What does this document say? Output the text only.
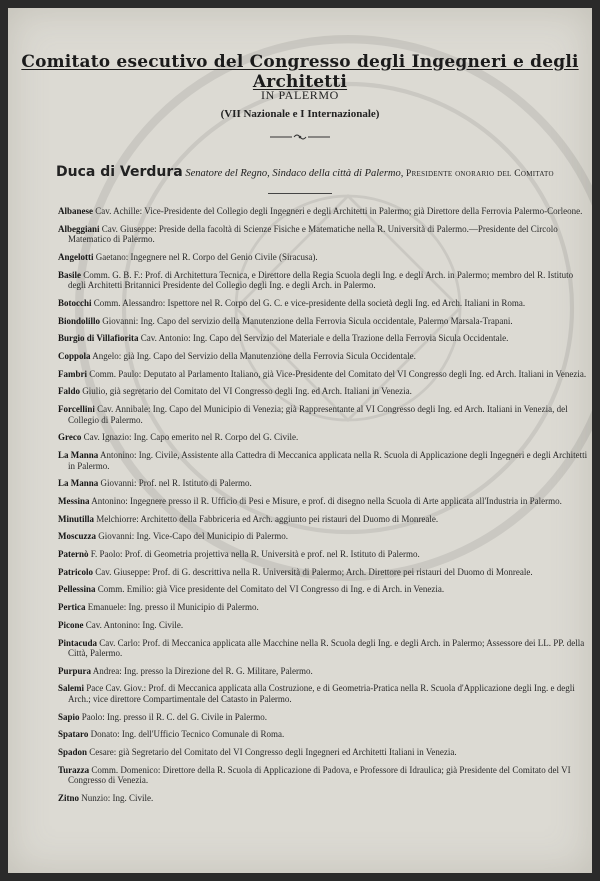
Comitato esecutivo del Congresso degli Ingegneri e degli Architetti
IN PALERMO
(VII Nazionale e I Internazionale)
Duca di Verdura Senatore del Regno, Sindaco della città di Palermo, Presidente onorario del Comitato
Albanese Cav. Achille: Vice-Presidente del Collegio degli Ingegneri e degli Architetti in Palermo; già Direttore della Ferrovia Palermo-Corleone.
Albeggiani Cav. Giuseppe: Preside della facoltà di Scienze Fisiche e Matematiche nella R. Università di Palermo.—Presidente del Circolo Matematico di Palermo.
Angelotti Gaetano: Ingegnere nel R. Corpo del Genio Civile (Siracusa).
Basile Comm. G. B. F.: Prof. di Architettura Tecnica, e Direttore della Regia Scuola degli Ing. e degli Arch. in Palermo; membro del R. Istituto degli Architetti Britannici Presidente del Collegio degli Ing. e degli Arch. in Palermo.
Botocchi Comm. Alessandro: Ispettore nel R. Corpo del G. C. e vice-presidente della società degli Ing. ed Arch. Italiani in Roma.
Biondolillo Giovanni: Ing. Capo del servizio della Manutenzione della Ferrovia Sicula occidentale, Palermo Marsala-Trapani.
Burgio di Villafiorita Cav. Antonio: Ing. Capo del Servizio del Materiale e della Trazione della Ferrovia Sicula Occidentale.
Coppola Angelo: già Ing. Capo del Servizio della Manutenzione della Ferrovia Sicula Occidentale.
Fambri Comm. Paulo: Deputato al Parlamento Italiano, già Vice-Presidente del Comitato del VI Congresso degli Ing. ed Arch. Italiani in Venezia.
Faldo Giulio, già segretario del Comitato del VI Congresso degli Ing. ed Arch. Italiani in Venezia.
Forcellini Cav. Annibale: Ing. Capo del Municipio di Venezia; già Rappresentante al VI Congresso degli Ing. ed Arch. Italiani in Venezia, del Collegio di Palermo.
Greco Cav. Ignazio: Ing. Capo emerito nel R. Corpo del G. Civile.
La Manna Antonino: Ing. Civile, Assistente alla Cattedra di Meccanica applicata nella R. Scuola di Applicazione degli Ingegneri e degli Architetti in Palermo.
La Manna Giovanni: Prof. nel R. Istituto di Palermo.
Messina Antonino: Ingegnere presso il R. Ufficio di Pesi e Misure, e prof. di disegno nella Scuola di Arte applicata all'Industria in Palermo.
Minutilla Melchiorre: Architetto della Fabbriceria ed Arch. aggiunto pei ristauri del Duomo di Monreale.
Moscuzza Giovanni: Ing. Vice-Capo del Municipio di Palermo.
Paternò F. Paolo: Prof. di Geometria projettiva nella R. Università e prof. nel R. Istituto di Palermo.
Patricolo Cav. Giuseppe: Prof. di G. descrittiva nella R. Università di Palermo; Arch. Direttore pei ristauri del Duomo di Monreale.
Pellessina Comm. Emilio: già Vice presidente del Comitato del VI Congresso di Ing. e di Arch. in Venezia.
Pertica Emanuele: Ing. presso il Municipio di Palermo.
Picone Cav. Antonino: Ing. Civile.
Pintacuda Cav. Carlo: Prof. di Meccanica applicata alle Macchine nella R. Scuola degli Ing. e degli Arch. in Palermo; Assessore dei LL. PP. della Città, Palermo.
Purpura Andrea: Ing. presso la Direzione del R. G. Militare, Palermo.
Salemi Pace Cav. Giov.: Prof. di Meccanica applicata alla Costruzione, e di Geometria-Pratica nella R. Scuola d'Applicazione degli Ing. e degli Arch.; vice direttore Compartimentale del Catasto in Palermo.
Sapio Paolo: Ing. presso il R. C. del G. Civile in Palermo.
Spataro Donato: Ing. dell'Ufficio Tecnico Comunale di Roma.
Spadon Cesare: già Segretario del Comitato del VI Congresso degli Ingegneri ed Architetti Italiani in Venezia.
Turazza Comm. Domenico: Direttore della R. Scuola di Applicazione di Padova, e Professore di Idraulica; già Presidente del Comitato del VI Congresso di Venezia.
Zitno Nunzio: Ing. Civile.
